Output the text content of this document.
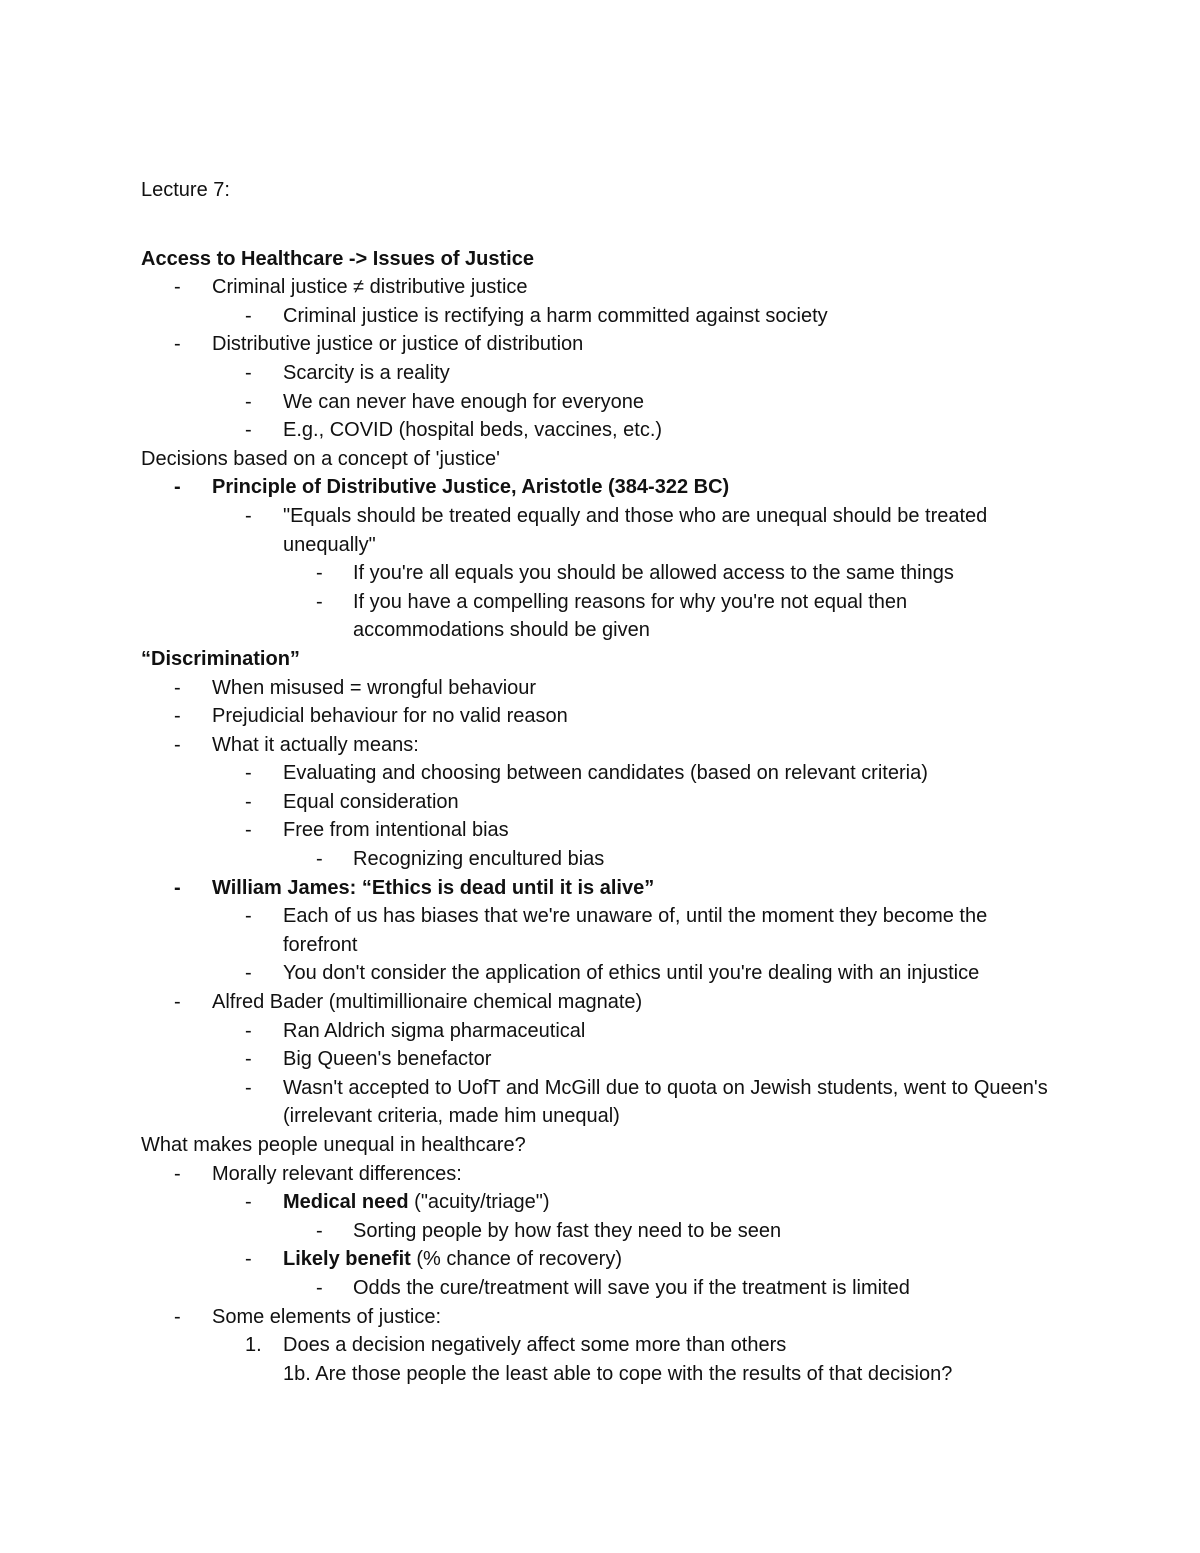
Lecture 7:
Access to Healthcare -> Issues of Justice
- Criminal justice ≠ distributive justice
- Criminal justice is rectifying a harm committed against society
- Distributive justice or justice of distribution
- Scarcity is a reality
- We can never have enough for everyone
- E.g., COVID (hospital beds, vaccines, etc.)
Decisions based on a concept of 'justice'
- Principle of Distributive Justice, Aristotle (384-322 BC)
- "Equals should be treated equally and those who are unequal should be treated unequally"
- If you're all equals you should be allowed access to the same things
- If you have a compelling reasons for why you're not equal then accommodations should be given
“Discrimination”
- When misused = wrongful behaviour
- Prejudicial behaviour for no valid reason
- What it actually means:
- Evaluating and choosing between candidates (based on relevant criteria)
- Equal consideration
- Free from intentional bias
- Recognizing encultured bias
- William James: “Ethics is dead until it is alive”
- Each of us has biases that we're unaware of, until the moment they become the forefront
- You don't consider the application of ethics until you're dealing with an injustice
- Alfred Bader (multimillionaire chemical magnate)
- Ran Aldrich sigma pharmaceutical
- Big Queen's benefactor
- Wasn't accepted to UofT and McGill due to quota on Jewish students, went to Queen's (irrelevant criteria, made him unequal)
What makes people unequal in healthcare?
- Morally relevant differences:
- Medical need ("acuity/triage")
- Sorting people by how fast they need to be seen
- Likely benefit (% chance of recovery)
- Odds the cure/treatment will save you if the treatment is limited
- Some elements of justice:
1. Does a decision negatively affect some more than others
1b. Are those people the least able to cope with the results of that decision?
